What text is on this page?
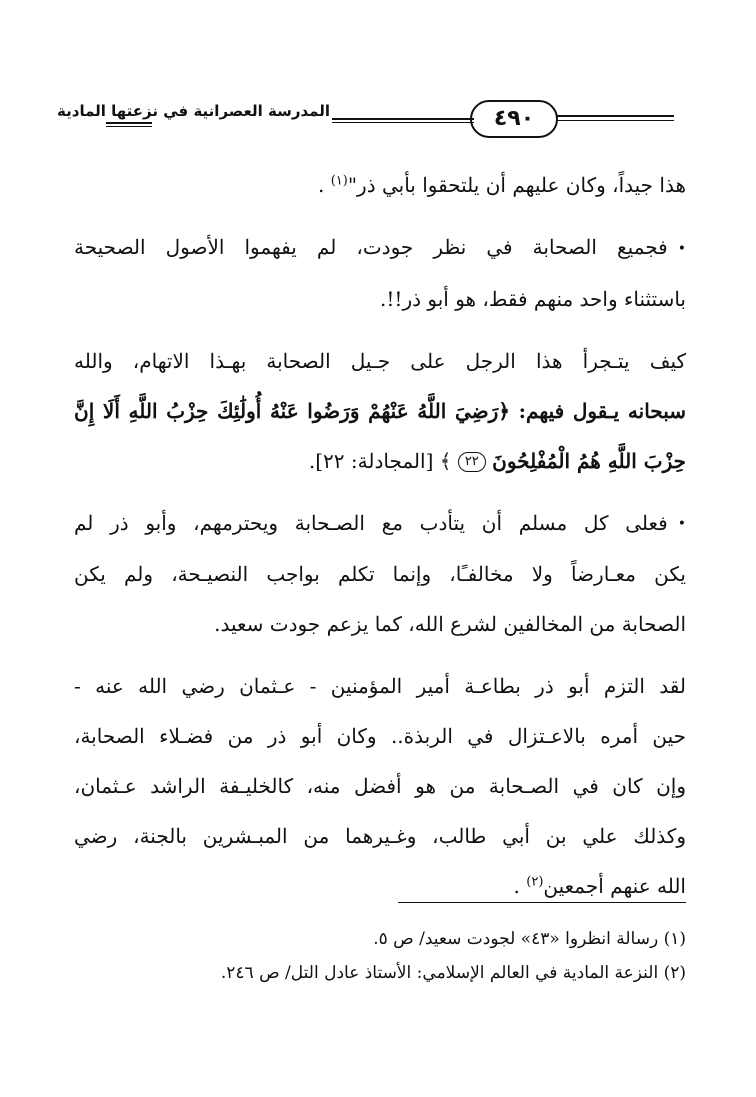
المدرسة العصرانية في نزعتها المادية	٤٩٠

هذا جيداً، وكان عليهم أن يلتحقوا بأبي ذر"$^{(١)}$ .

•فجميع الصحابة في نظر جودت، لم يفهموا الأصول الصحيحة
باستثناء واحد منهم فقط، هو أبو ذر!!.

كيف يتـجرأ هذا الرجل على جـيل الصحابة بهـذا الاتهام، والله
سبحانه يـقول فيهم: ﴿رَضِيَ اللَّهُ عَنْهُمْ وَرَضُوا عَنْهُ أُولَٰئِكَ حِزْبُ اللَّهِ أَلَا إِنَّ
حِزْبَ اللَّهِ هُمُ الْمُفْلِحُونَ ٢٢ ﴾ [المجادلة: ٢٢].

•فعلى كل مسلم أن يتأدب مع الصـحابة ويحترمهم، وأبو ذر لم
يكن معـارضاً ولا مخالفـًا، وإنما تكلم بواجب النصيـحة، ولم يكن
الصحابة من المخالفين لشرع الله، كما يزعم جودت سعيد.

لقد التزم أبو ذر بطاعـة أمير المؤمنين - عـثمان رضي الله عنه -
حين أمره بالاعـتزال في الربذة.. وكان أبو ذر من فضـلاء الصحابة،
وإن كان في الصـحابة من هو أفضل منه، كالخليـفة الراشد عـثمان،
وكذلك علي بن أبي طالب، وغـيرهما من المبـشرين بالجنة، رضي
الله عنهم أجمعين$^{(٢)}$ .

(١) رسالة انظروا «٤٣» لجودت سعيد/ ص ٥.
(٢) النزعة المادية في العالم الإسلامي: الأستاذ عادل التل/ ص ٢٤٦.
